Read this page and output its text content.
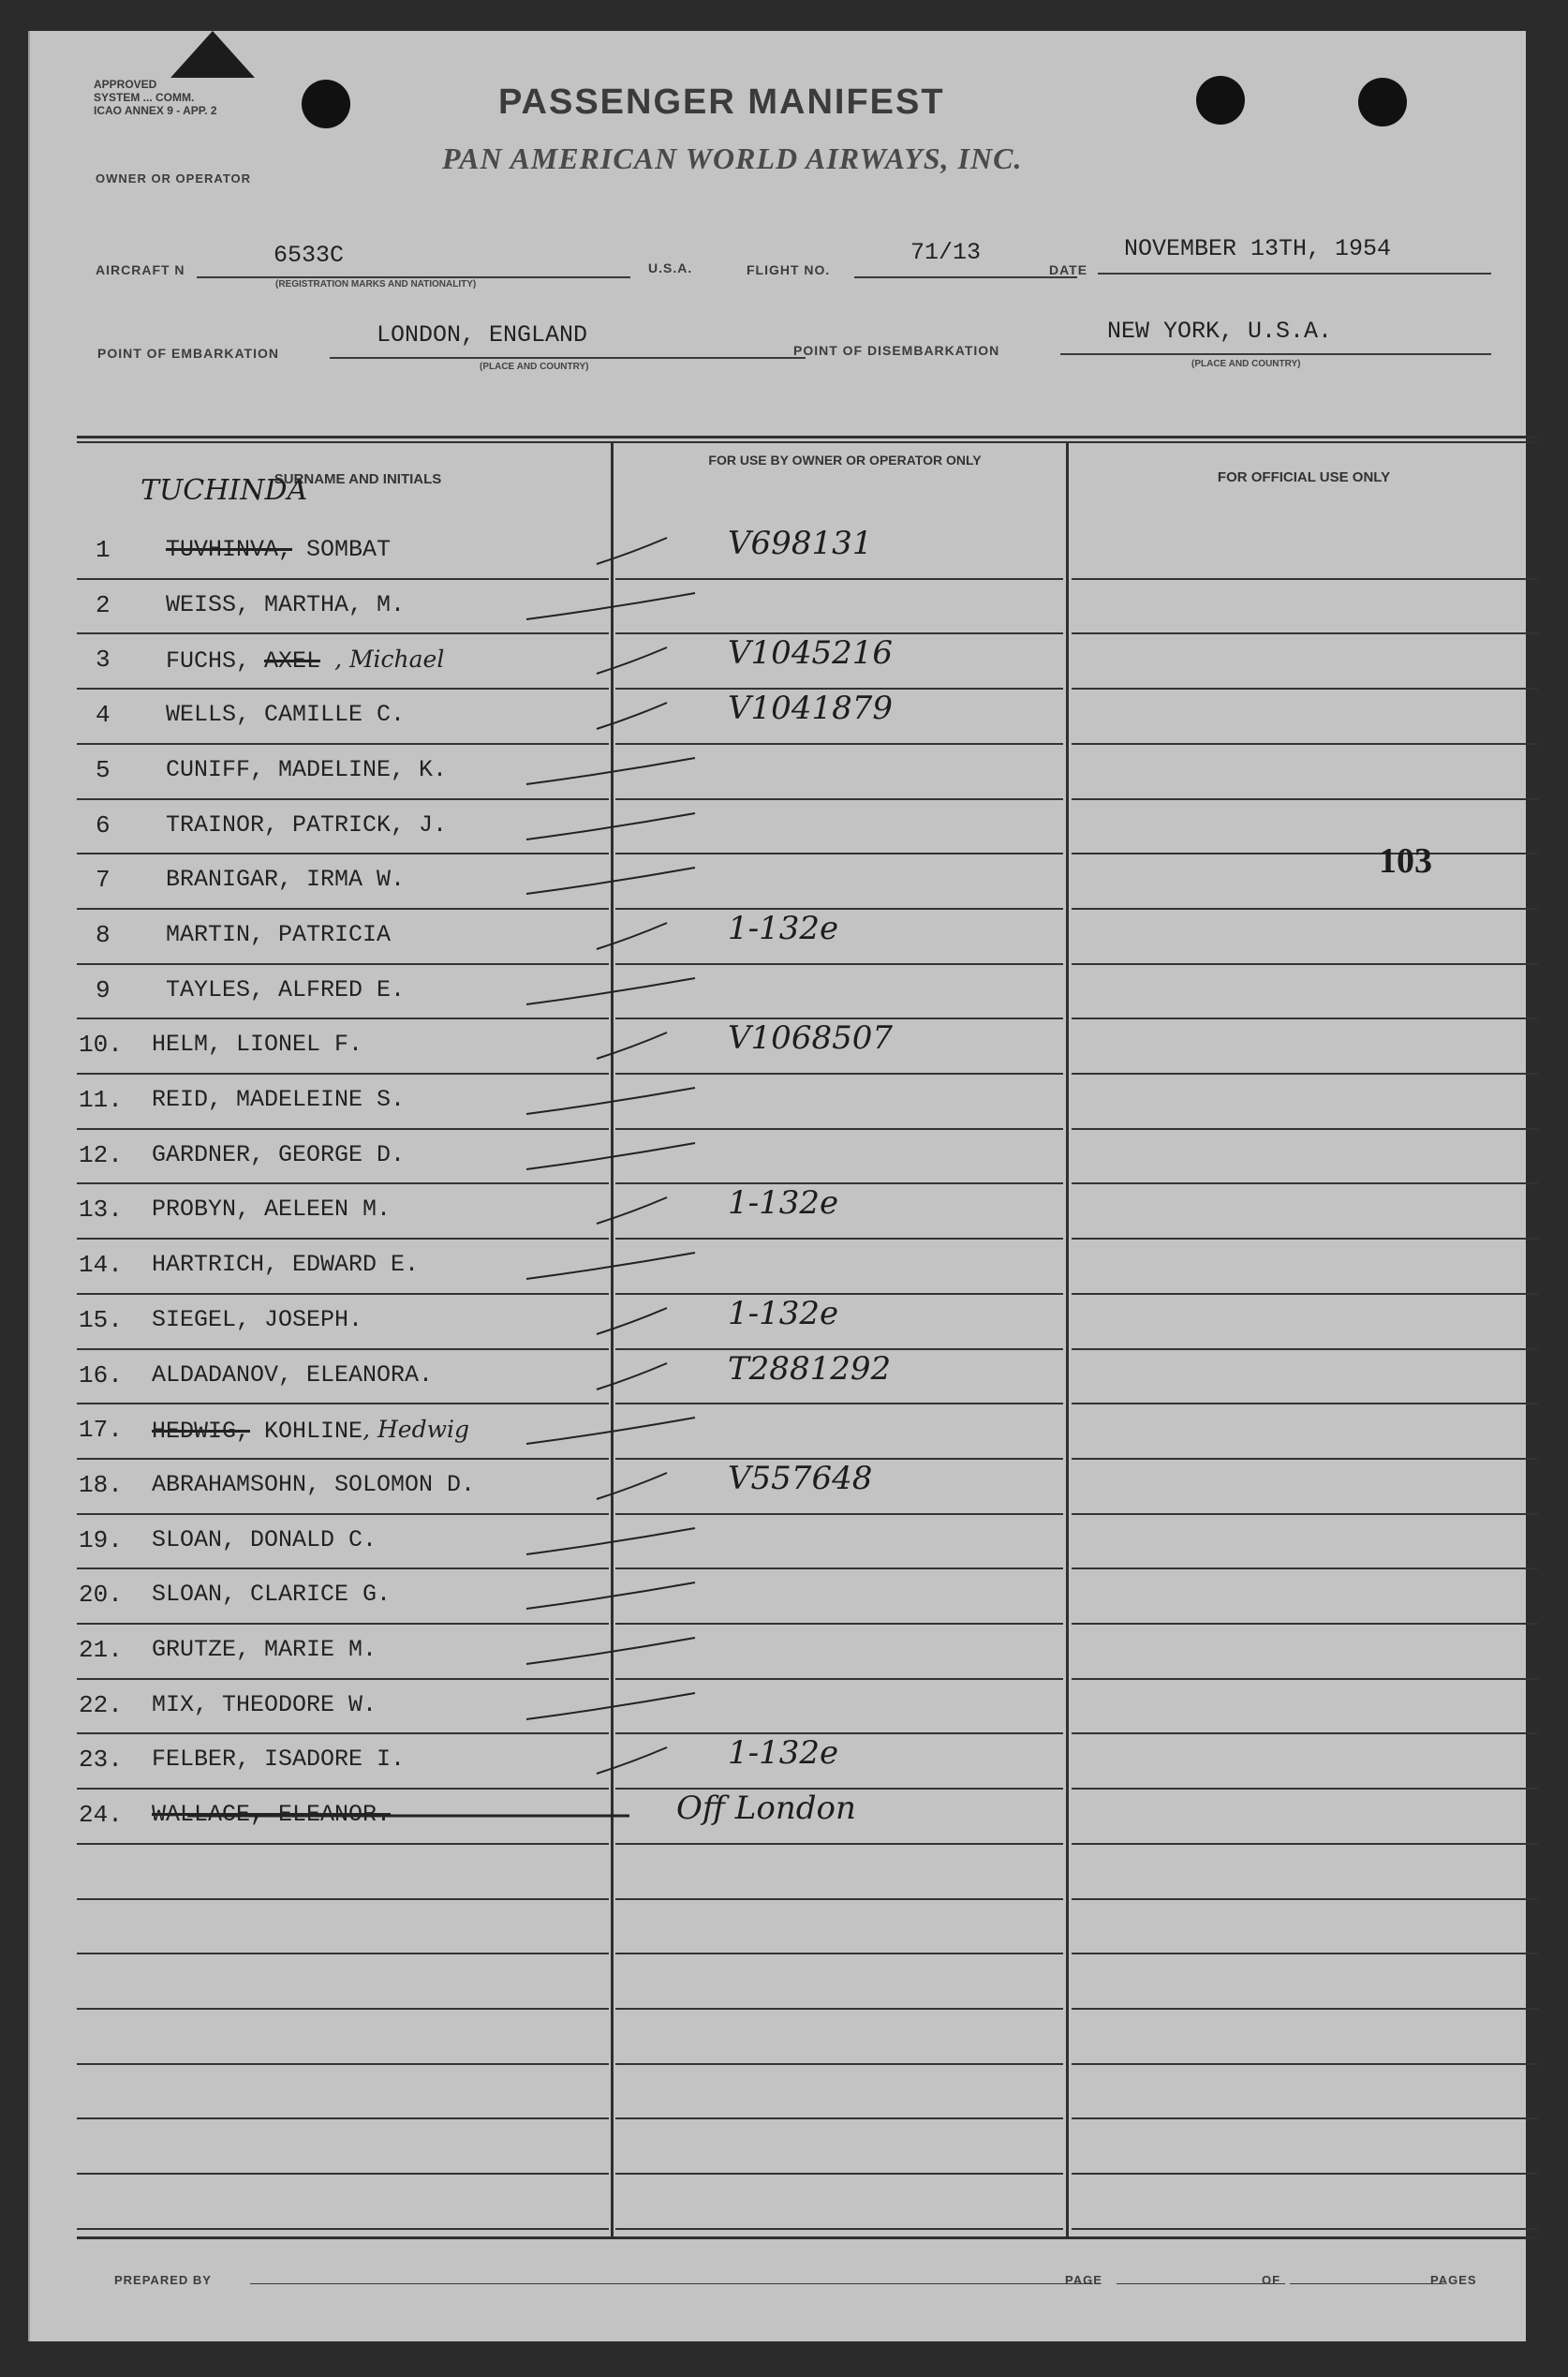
APPROVED
SYSTEM ... COMM.
ICAO ANNEX 9 - APP. 2	PASSENGER MANIFEST
PAN AMERICAN WORLD AIRWAYS, INC.
OWNER OR OPERATOR
AIRCRAFT N
6533C
(REGISTRATION MARKS AND NATIONALITY)
U.S.A.	FLIGHT NO.
71/13
DATE
NOVEMBER 13TH, 1954
POINT OF EMBARKATION
LONDON, ENGLAND
(PLACE AND COUNTRY)
POINT OF DISEMBARKATION
NEW YORK, U.S.A.
(PLACE AND COUNTRY)
SURNAME AND INITIALS
FOR USE BY OWNER OR OPERATOR ONLY
FOR OFFICIAL USE ONLY
TUCHINDA
1 TUVHINVA, SOMBAT	V698131
2 WEISS, MARTHA, M.
3 FUCHS, AXEL , Michael	V1045216
4 WELLS, CAMILLE C.	V1041879
5 CUNIFF, MADELINE, K.
6 TRAINOR, PATRICK, J.
7 BRANIGAR, IRMA W.
8 MARTIN, PATRICIA	1-132e
9 TAYLES, ALFRED E.
10. HELM, LIONEL F.	V1068507
11. REID, MADELEINE S.
12. GARDNER, GEORGE D.
13. PROBYN, AELEEN M.	1-132e
14. HARTRICH, EDWARD E.
15. SIEGEL, JOSEPH.	1-132e
16. ALDADANOV, ELEANORA.	T2881292
17. HEDWIG, KOHLINE, Hedwig
18. ABRAHAMSOHN, SOLOMON D.	V557648
19. SLOAN, DONALD C.
20. SLOAN, CLARICE G.
21. GRUTZE, MARIE M.
22. MIX, THEODORE W.
23. FELBER, ISADORE I.	1-132e
24. WALLACE, ELEANOR.	Off London
103
PREPARED BY	PAGE	OF	PAGES
